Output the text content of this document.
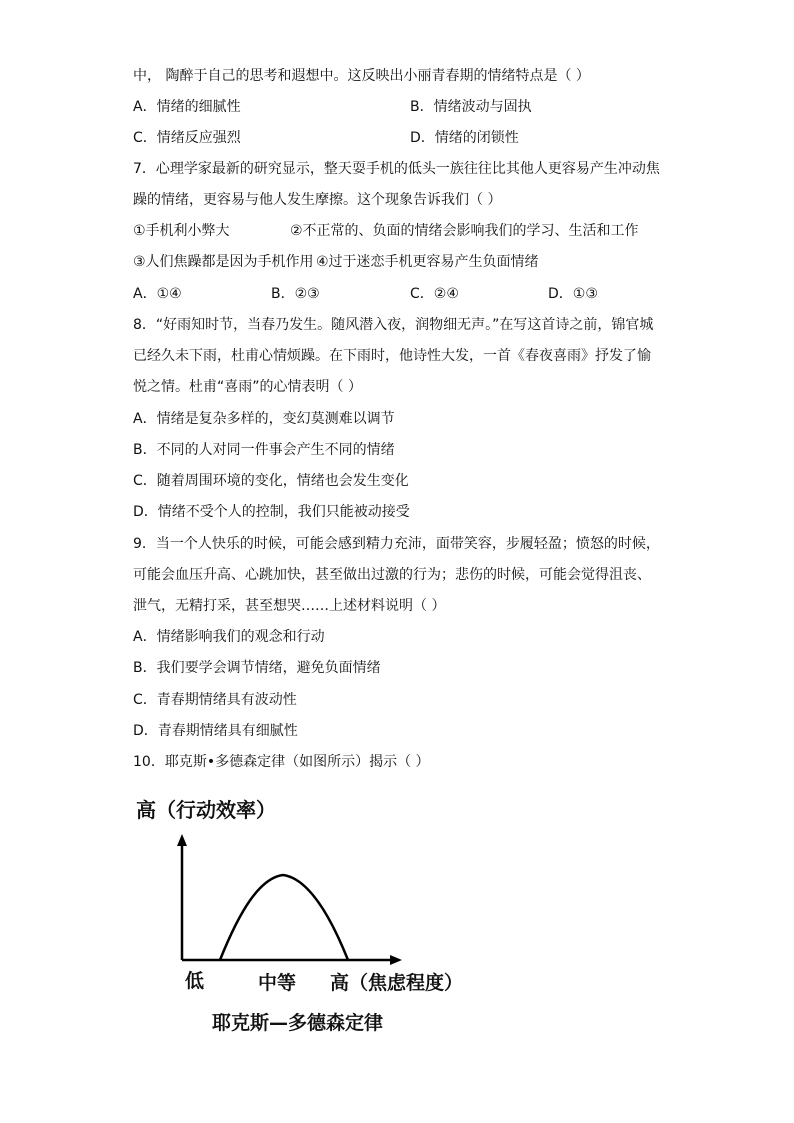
中， 陶醉于自己的思考和遐想中。这反映出小丽青春期的情绪特点是（ ）
A．情绪的细腻性	B．情绪波动与固执
C．情绪反应强烈	D．情绪的闭锁性
7．心理学家最新的研究显示，整天耍手机的低头一族往往比其他人更容易产生冲动焦
躁的情绪，更容易与他人发生摩擦。这个现象告诉我们（ ）
①手机利小弊大	②不正常的、负面的情绪会影响我们的学习、生活和工作
③人们焦躁都是因为手机作用 ④过于迷恋手机更容易产生负面情绪
A．①④	B．②③	C．②④	D．①③
8．“好雨知时节，当春乃发生。随风潜入夜，润物细无声。”在写这首诗之前，锦官城
已经久未下雨，杜甫心情烦躁。在下雨时，他诗性大发，一首《春夜喜雨》抒发了愉
悦之情。杜甫“喜雨”的心情表明（ ）
A．情绪是复杂多样的，变幻莫测难以调节
B．不同的人对同一件事会产生不同的情绪
C．随着周围环境的变化，情绪也会发生变化
D．情绪不受个人的控制，我们只能被动接受
9．当一个人快乐的时候，可能会感到精力充沛，面带笑容，步履轻盈；愤怒的时候，
可能会血压升高、心跳加快，甚至做出过激的行为；悲伤的时候，可能会觉得沮丧、
泄气，无精打采，甚至想哭……上述材料说明（ ）
A．情绪影响我们的观念和行动
B．我们要学会调节情绪，避免负面情绪
C．青春期情绪具有波动性
D．青春期情绪具有细腻性
10．耶克斯•多德森定律（如图所示）揭示（ ）
高（行动效率）
低	中等 高（焦虑程度）
耶克斯—多德森定律
